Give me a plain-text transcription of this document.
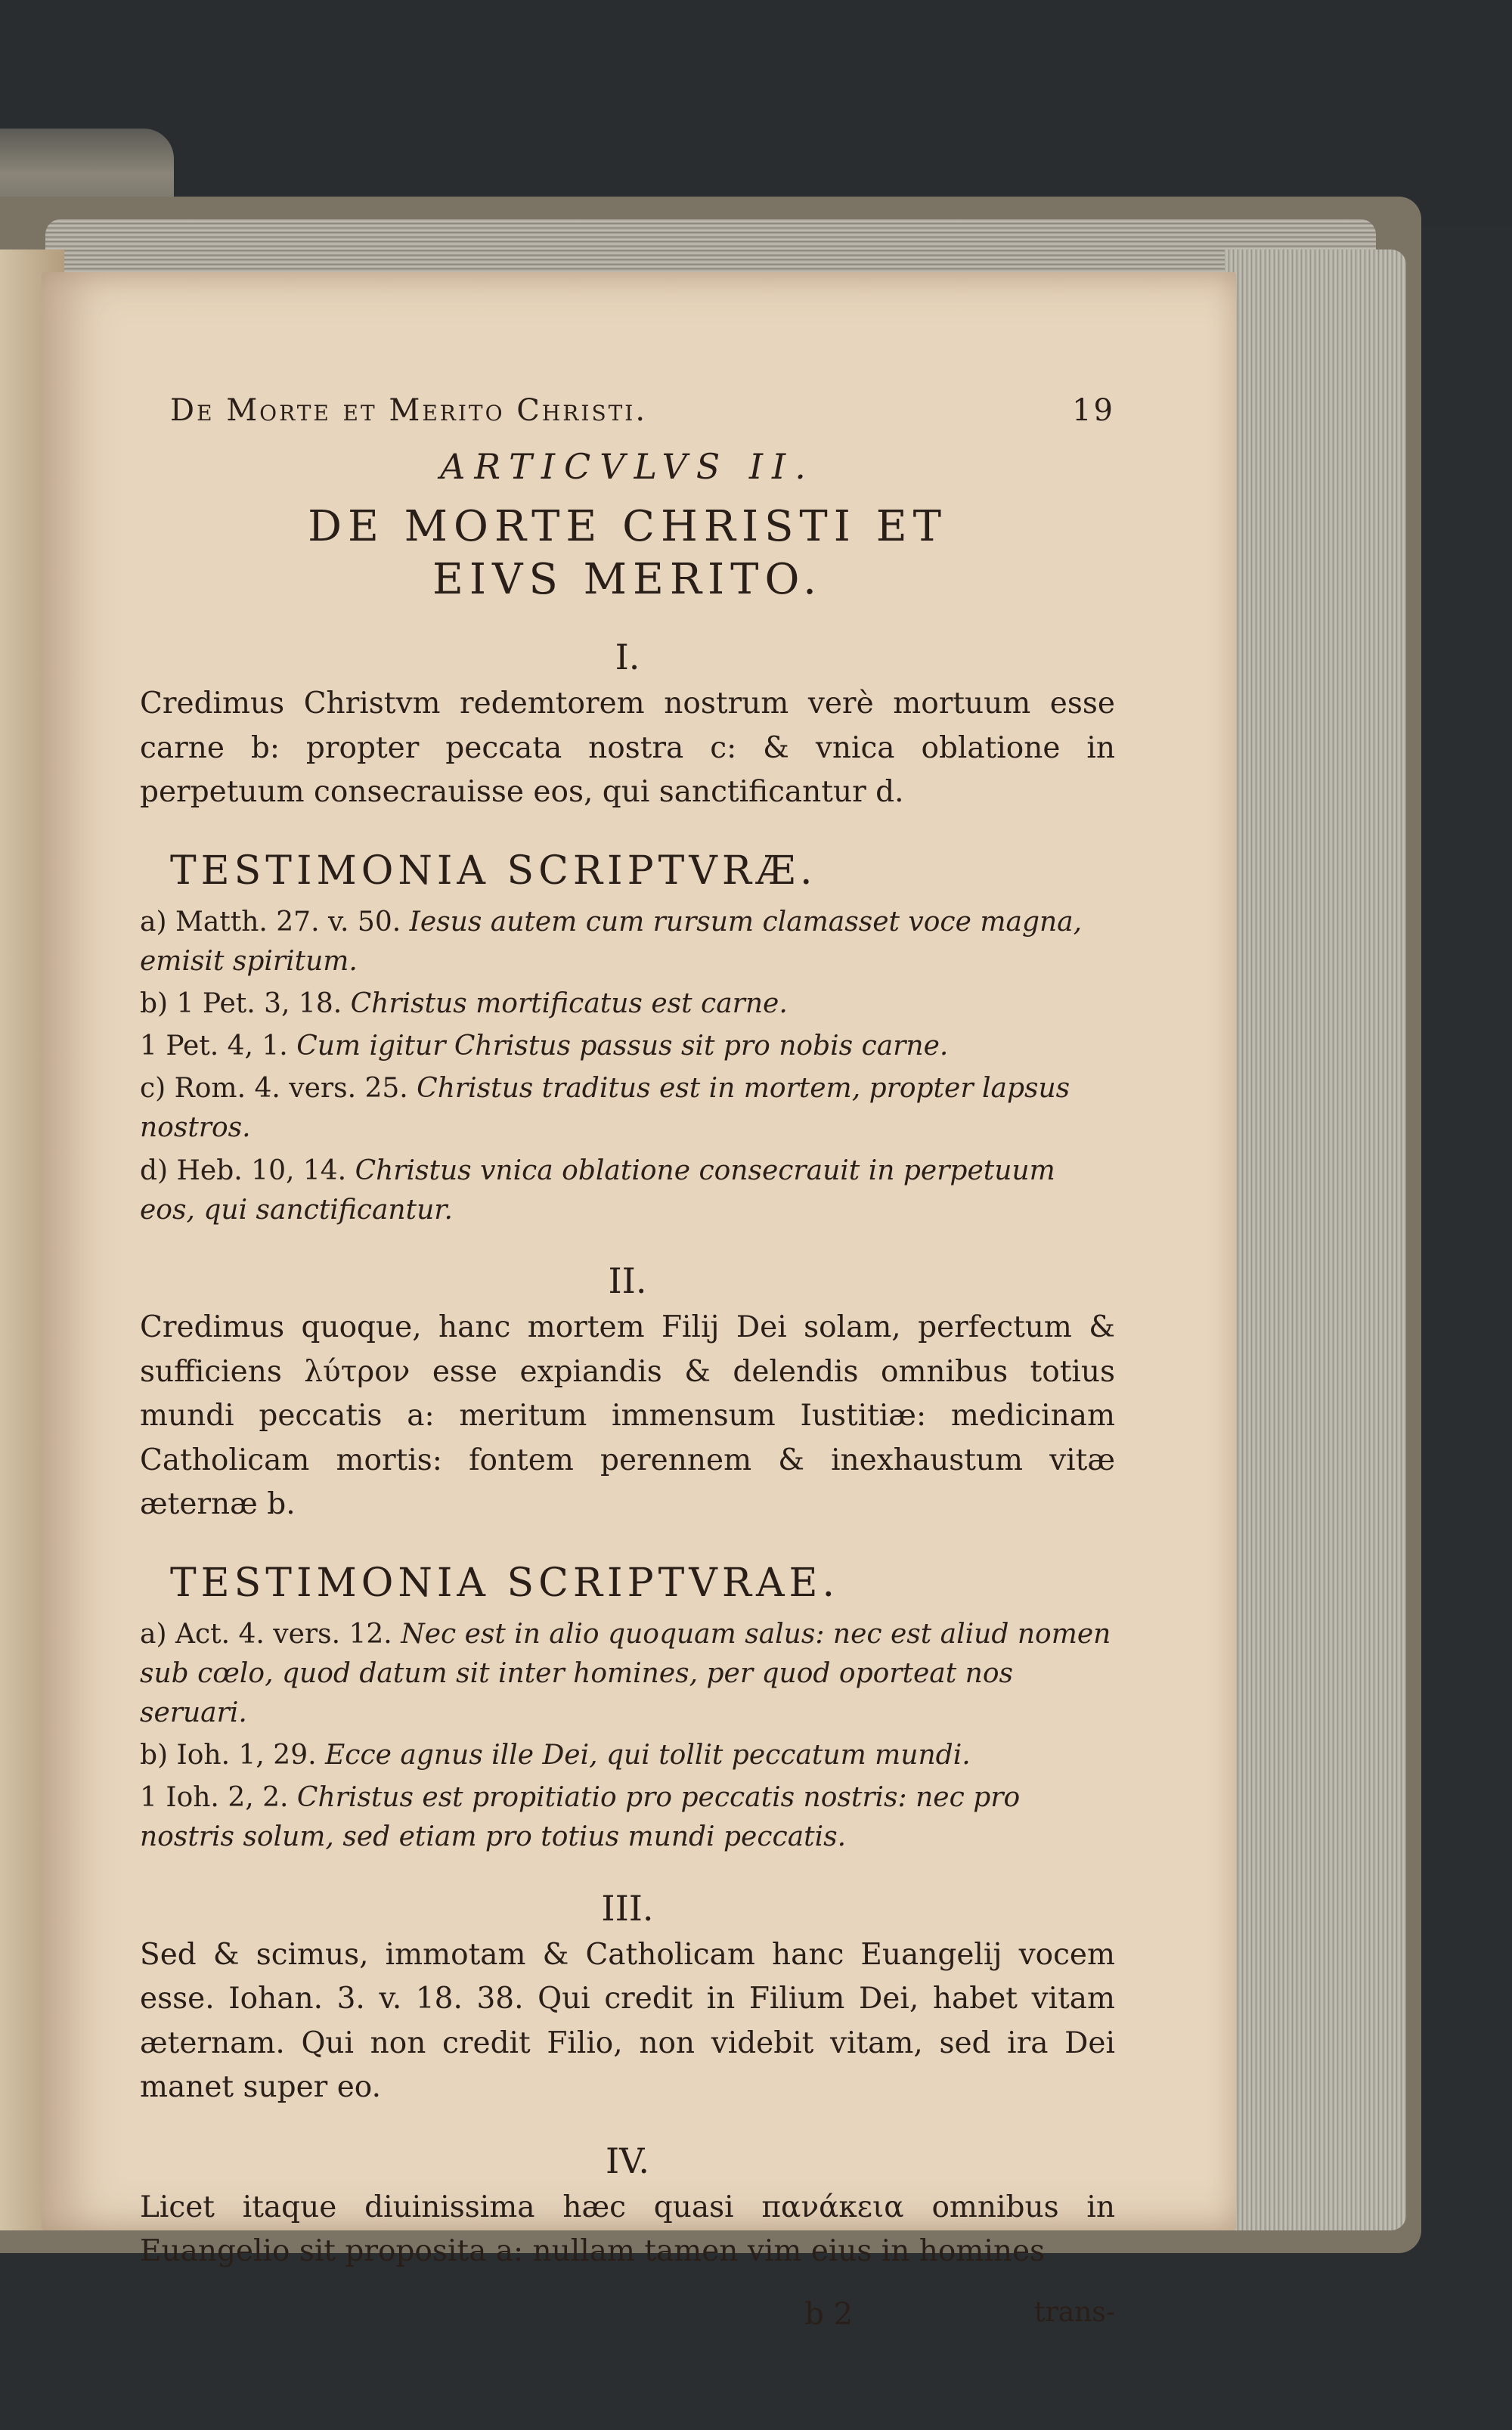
De Morte et Merito Christi.	19
ARTICVLVS II.
DE MORTE CHRISTI ET
EIVS MERITO.
I.

Credimus Christvm redemtorem nostrum verè mortuum esse carne b: propter peccata nostra c: & vnica oblatione in perpetuum consecrauisse eos, qui sanctificantur d.

TESTIMONIA SCRIPTVRÆ.

a) Matth. 27. v. 50. Iesus autem cum rursum clamasset voce magna, emisit spiritum.

b) 1 Pet. 3, 18. Christus mortificatus est carne.

1 Pet. 4, 1. Cum igitur Christus passus sit pro nobis carne.

c) Rom. 4. vers. 25. Christus traditus est in mortem, propter lapsus nostros.

d) Heb. 10, 14. Christus vnica oblatione consecrauit in perpetuum eos, qui sanctificantur.

II.

Credimus quoque, hanc mortem Filij Dei solam, perfectum & sufficiens λύτρον esse expiandis & delendis omnibus totius mundi peccatis a: meritum immensum Iustitiæ: medicinam Catholicam mortis: fontem perennem & inexhaustum vitæ æternæ b.

TESTIMONIA SCRIPTVRAE.

a) Act. 4. vers. 12. Nec est in alio quoquam salus: nec est aliud nomen sub cœlo, quod datum sit inter homines, per quod oporteat nos seruari.

b) Ioh. 1, 29. Ecce agnus ille Dei, qui tollit peccatum mundi.

1 Ioh. 2, 2. Christus est propitiatio pro peccatis nostris: nec pro nostris solum, sed etiam pro totius mundi peccatis.

III.

Sed & scimus, immotam & Catholicam hanc Euangelij vocem esse. Iohan. 3. v. 18. 38. Qui credit in Filium Dei, habet vitam æternam. Qui non credit Filio, non videbit vitam, sed ira Dei manet super eo.

IV.

Licet itaque diuinissima hæc quasi πανάκεια omnibus in Euangelio sit proposita a: nullam tamen vim eius in homines

b 2	trans-
